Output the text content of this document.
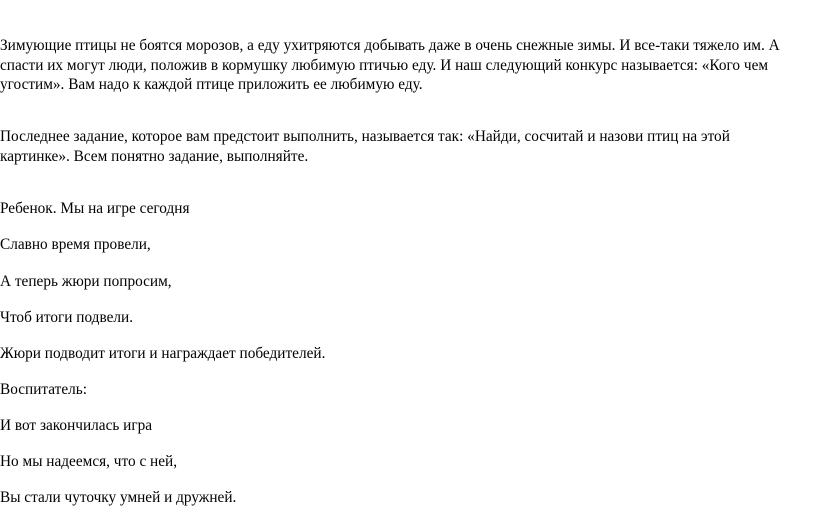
Зимующие птицы не боятся морозов, а еду ухитряются добывать даже в очень снежные зимы. И все-таки тяжело им. А
спасти их могут люди, положив в кормушку любимую птичью еду. И наш следующий конкурс называется: «Кого чем
угостим». Вам надо к каждой птице приложить ее любимую еду.

Последнее задание, которое вам предстоит выполнить, называется так: «Найди, сосчитай и назови птиц на этой
картинке». Всем понятно задание, выполняйте.

Ребенок. Мы на игре сегодня

Славно время провели,

А теперь жюри попросим,

Чтоб итоги подвели.

Жюри подводит итоги и награждает победителей.

Воспитатель:

И вот закончилась игра

Но мы надеемся, что с ней,

Вы стали чуточку умней и дружней.
